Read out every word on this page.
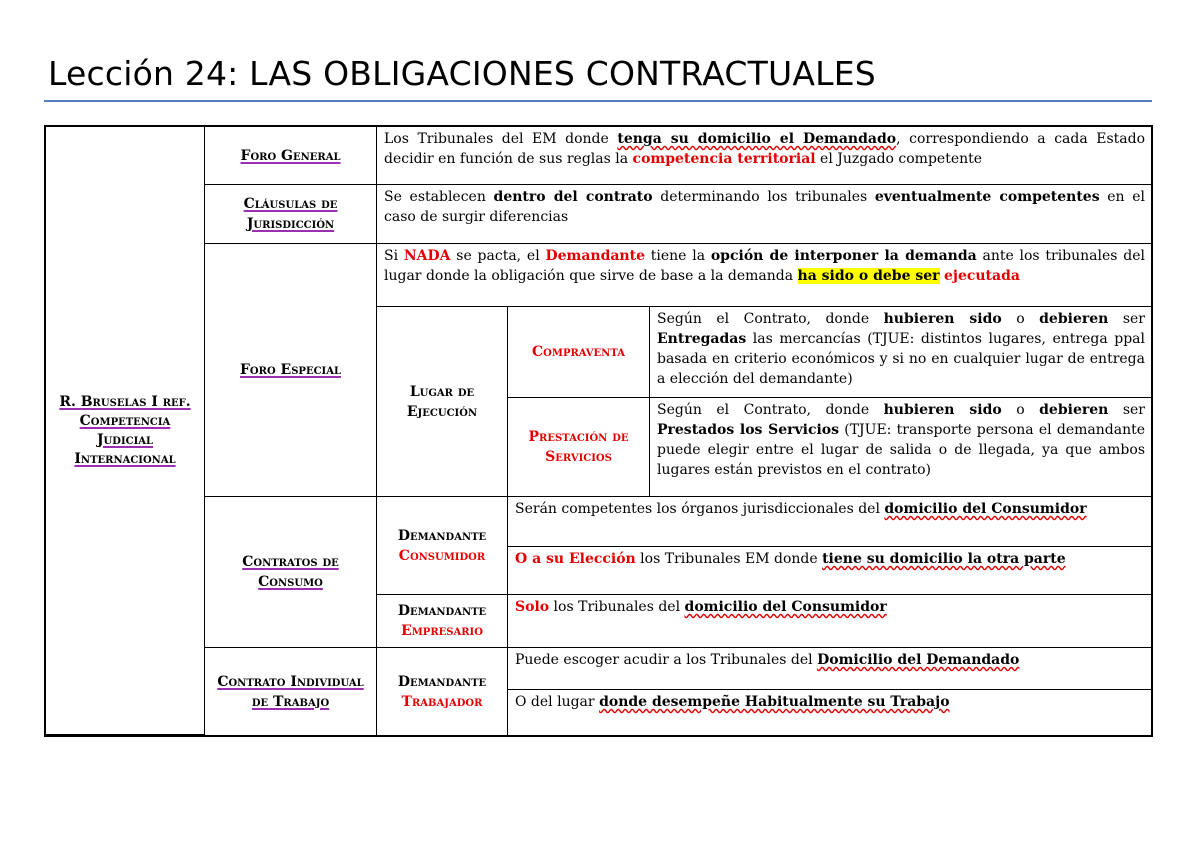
Lección 24: LAS OBLIGACIONES CONTRACTUALES
R. Bruselas I ref.
Competencia
Judicial
Internacional
Foro General
Los Tribunales del EM donde tenga su domicilio el Demandado, correspondiendo a cada Estado decidir en función de sus reglas la competencia territorial el Juzgado competente
Cláusulas de
Jurisdicción
Se establecen dentro del contrato determinando los tribunales eventualmente competentes en el caso de surgir diferencias
Foro Especial
Si NADA se pacta, el Demandante tiene la opción de interponer la demanda ante los tribunales del lugar donde la obligación que sirve de base a la demanda ha sido o debe ser ejecutada
Lugar de
Ejecución
Compraventa
Según el Contrato, donde hubieren sido o debieren ser Entregadas las mercancías (TJUE: distintos lugares, entrega ppal basada en criterio económicos y si no en cualquier lugar de entrega a elección del demandante)
Prestación de
Servicios
Según el Contrato, donde hubieren sido o debieren ser Prestados los Servicios (TJUE: transporte persona el demandante puede elegir entre el lugar de salida o de llegada, ya que ambos lugares están previstos en el contrato)
Contratos de
Consumo
Demandante
Consumidor
Serán competentes los órganos jurisdiccionales del domicilio del Consumidor
O a su Elección los Tribunales EM donde tiene su domicilio la otra parte
Demandante
Empresario
Solo los Tribunales del domicilio del Consumidor
Contrato Individual
de Trabajo
Demandante
Trabajador
Puede escoger acudir a los Tribunales del Domicilio del Demandado
O del lugar donde desempeñe Habitualmente su Trabajo
